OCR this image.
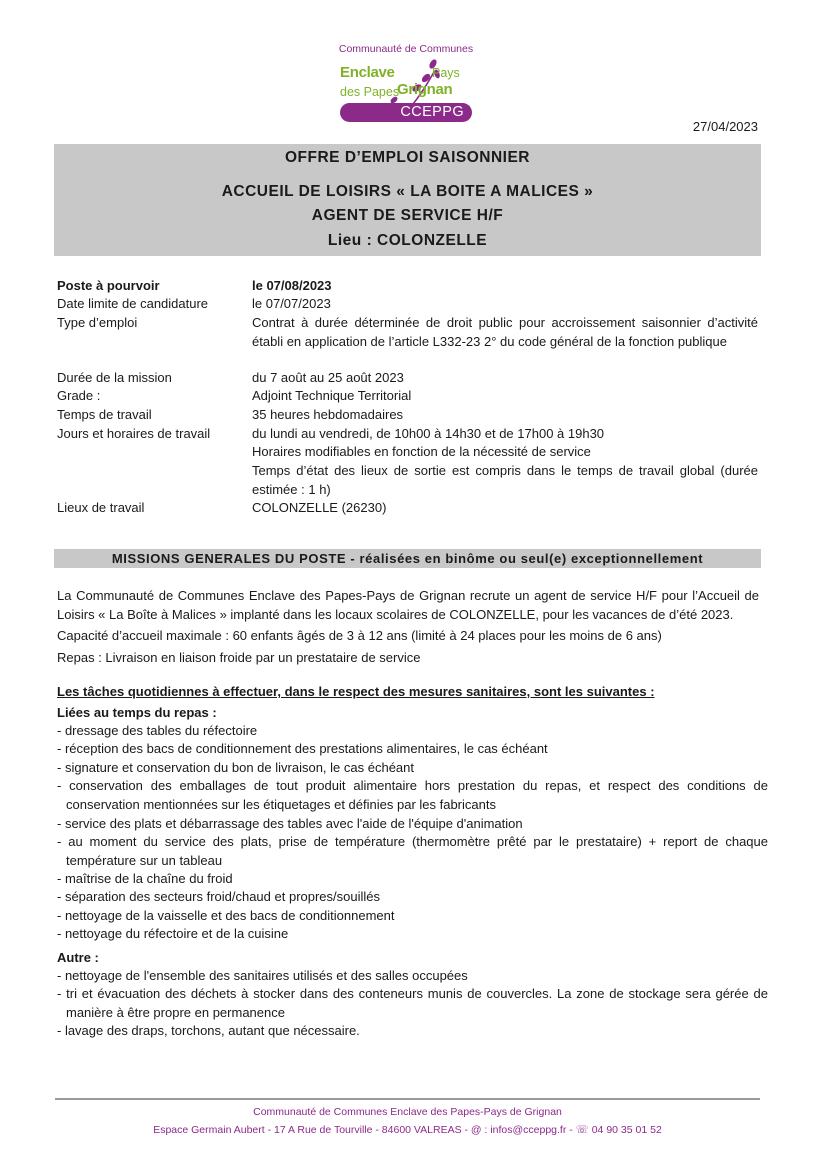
Communauté de Communes
Enclave	Pays
des Papes
Grignan
CCEPPG
27/04/2023
OFFRE D’EMPLOI SAISONNIER
ACCUEIL DE LOISIRS « LA BOITE A MALICES »
AGENT DE SERVICE H/F
Lieu : COLONZELLE
Poste à pourvoir	le 07/08/2023
Date limite de candidature	le 07/07/2023
Type d’emploi	Contrat à durée déterminée de droit public pour accroissement saisonnier d’activité établi en application de l’article L332-23 2° du code général de la fonction publique
Durée de la mission	du 7 août au 25 août 2023
Grade :	Adjoint Technique Territorial
Temps de travail	35 heures hebdomadaires
Jours et horaires de travail	du lundi au vendredi, de 10h00 à 14h30 et de 17h00 à 19h30
Horaires modifiables en fonction de la nécessité de service
Temps d’état des lieux de sortie est compris dans le temps de travail global (durée estimée : 1 h)
Lieux de travail	COLONZELLE (26230)
MISSIONS GENERALES DU POSTE - réalisées en binôme ou seul(e) exceptionnellement
La Communauté de Communes Enclave des Papes-Pays de Grignan recrute un agent de service H/F pour l’Accueil de Loisirs « La Boîte à Malices » implanté dans les locaux scolaires de COLONZELLE, pour les vacances de d’été 2023.
Capacité d’accueil maximale : 60 enfants âgés de 3 à 12 ans (limité à 24 places pour les moins de 6 ans)
Repas : Livraison en liaison froide par un prestataire de service
Les tâches quotidiennes à effectuer, dans le respect des mesures sanitaires, sont les suivantes :
Liées au temps du repas :
- dressage des tables du réfectoire
- réception des bacs de conditionnement des prestations alimentaires, le cas échéant
- signature et conservation du bon de livraison, le cas échéant
- conservation des emballages de tout produit alimentaire hors prestation du repas, et respect des conditions de conservation mentionnées sur les étiquetages et définies par les fabricants
- service des plats et débarrassage des tables avec l'aide de l'équipe d'animation
- au moment du service des plats, prise de température (thermomètre prêté par le prestataire) + report de chaque température sur un tableau
- maîtrise de la chaîne du froid
- séparation des secteurs froid/chaud et propres/souillés
- nettoyage de la vaisselle et des bacs de conditionnement
- nettoyage du réfectoire et de la cuisine
Autre :
- nettoyage de l'ensemble des sanitaires utilisés et des salles occupées
- tri et évacuation des déchets à stocker dans des conteneurs munis de couvercles. La zone de stockage sera gérée de manière à être propre en permanence
- lavage des draps, torchons, autant que nécessaire.
Communauté de Communes Enclave des Papes-Pays de Grignan
Espace Germain Aubert - 17 A Rue de Tourville - 84600 VALREAS - @ : infos@cceppg.fr - ☏ 04 90 35 01 52
